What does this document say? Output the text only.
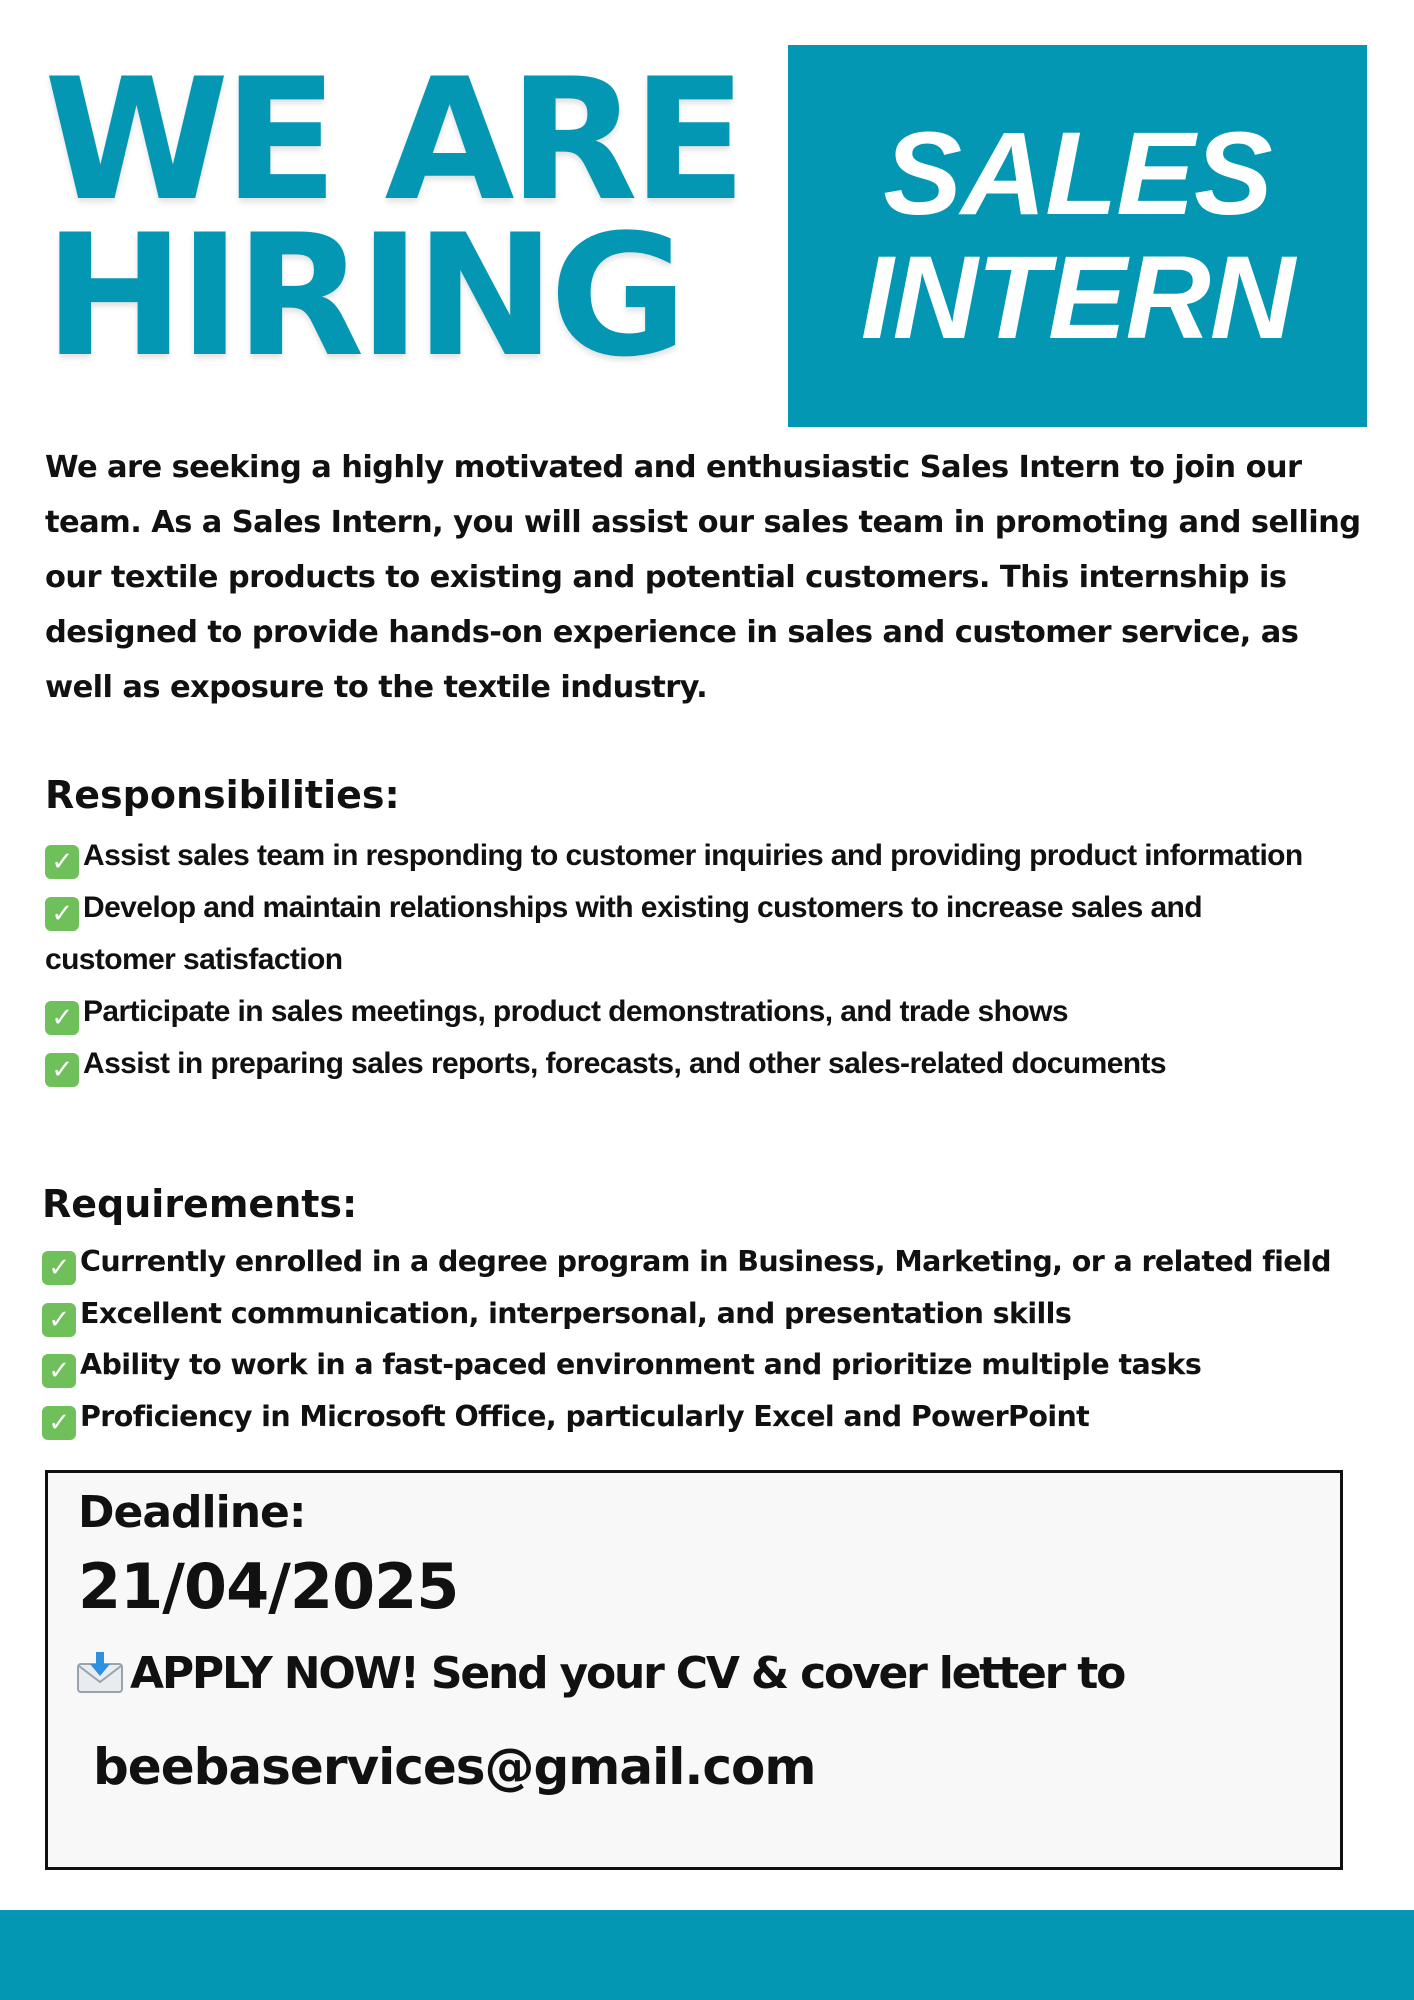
WE ARE
HIRING
SALES
INTERN

We are seeking a highly motivated and enthusiastic Sales Intern to join our team. As a Sales Intern, you will assist our sales team in promoting and selling our textile products to existing and potential customers. This internship is designed to provide hands-on experience in sales and customer service, as well as exposure to the textile industry.

Responsibilities:
✓ Assist sales team in responding to customer inquiries and providing product information
✓ Develop and maintain relationships with existing customers to increase sales and customer satisfaction
✓ Participate in sales meetings, product demonstrations, and trade shows
✓ Assist in preparing sales reports, forecasts, and other sales-related documents
Requirements:
✓ Currently enrolled in a degree program in Business, Marketing, or a related field
✓ Excellent communication, interpersonal, and presentation skills
✓ Ability to work in a fast-paced environment and prioritize multiple tasks
✓ Proficiency in Microsoft Office, particularly Excel and PowerPoint

Deadline:

21/04/2025

APPLY NOW! Send your CV & cover letter to

beebaservices@gmail.com
